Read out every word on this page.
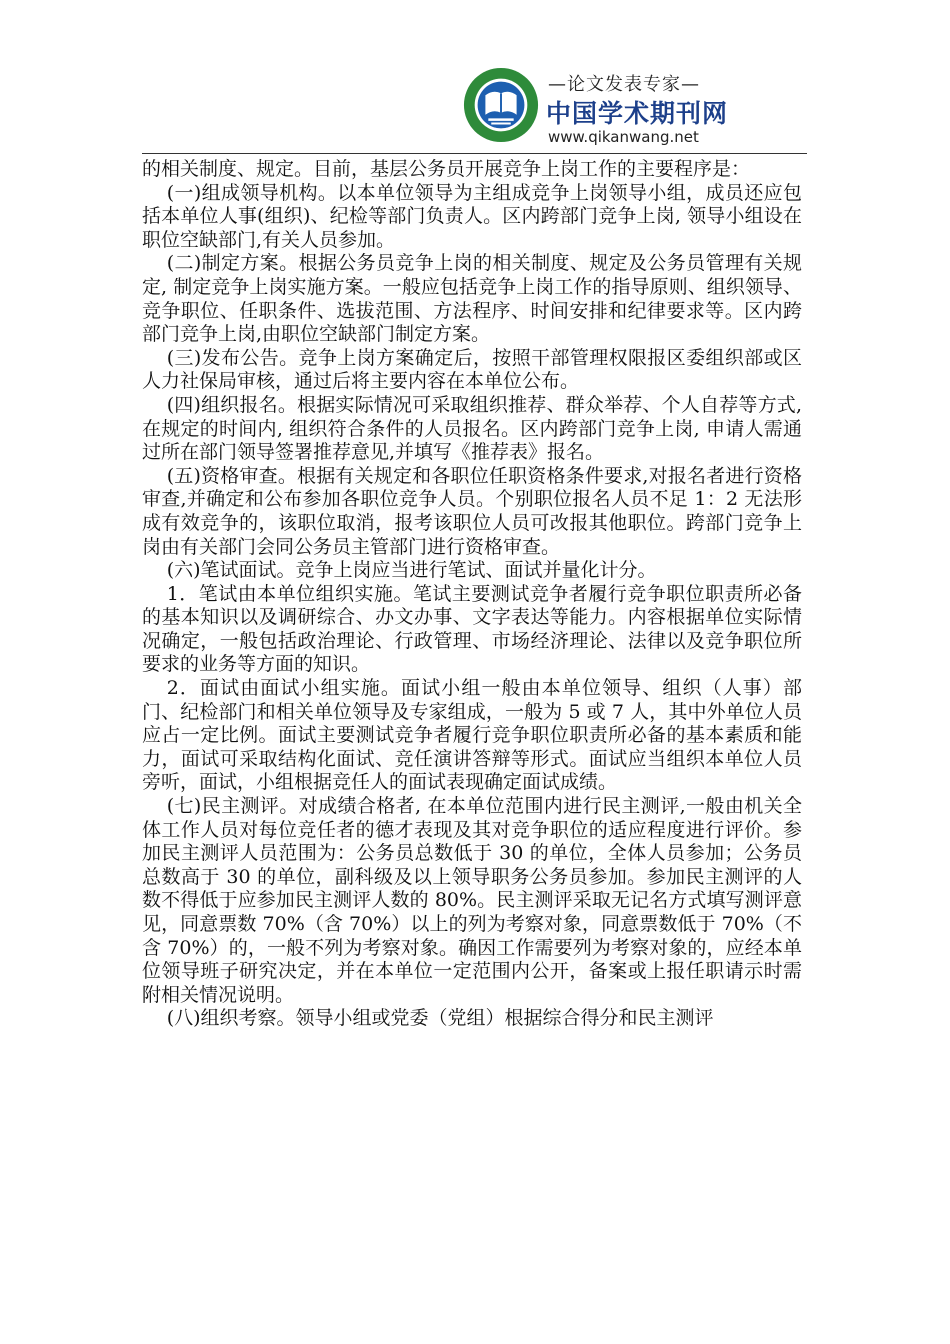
—论文发表专家—
中国学术期刊网
www.qikanwang.net

的相关制度、规定。目前，基层公务员开展竞争上岗工作的主要程序是：

(一)组成领导机构。以本单位领导为主组成竞争上岗领导小组，成员还应包括本单位人事(组织)、纪检等部门负责人。区内跨部门竞争上岗, 领导小组设在职位空缺部门,有关人员参加。

(二)制定方案。根据公务员竞争上岗的相关制度、规定及公务员管理有关规定, 制定竞争上岗实施方案。一般应包括竞争上岗工作的指导原则、组织领导、竞争职位、任职条件、选拔范围、方法程序、时间安排和纪律要求等。区内跨部门竞争上岗,由职位空缺部门制定方案。

(三)发布公告。竞争上岗方案确定后，按照干部管理权限报区委组织部或区人力社保局审核，通过后将主要内容在本单位公布。

(四)组织报名。根据实际情况可采取组织推荐、群众举荐、个人自荐等方式, 在规定的时间内, 组织符合条件的人员报名。区内跨部门竞争上岗, 申请人需通过所在部门领导签署推荐意见,并填写《推荐表》报名。

(五)资格审查。根据有关规定和各职位任职资格条件要求,对报名者进行资格审查,并确定和公布参加各职位竞争人员。个别职位报名人员不足 1：2 无法形成有效竞争的，该职位取消，报考该职位人员可改报其他职位。跨部门竞争上岗由有关部门会同公务员主管部门进行资格审查。

(六)笔试面试。竞争上岗应当进行笔试、面试并量化计分。

1．笔试由本单位组织实施。笔试主要测试竞争者履行竞争职位职责所必备的基本知识以及调研综合、办文办事、文字表达等能力。内容根据单位实际情况确定，一般包括政治理论、行政管理、市场经济理论、法律以及竞争职位所要求的业务等方面的知识。

2．面试由面试小组实施。面试小组一般由本单位领导、组织（人事）部门、纪检部门和相关单位领导及专家组成，一般为 5 或 7 人，其中外单位人员应占一定比例。面试主要测试竞争者履行竞争职位职责所必备的基本素质和能力，面试可采取结构化面试、竞任演讲答辩等形式。面试应当组织本单位人员旁听，面试，小组根据竞任人的面试表现确定面试成绩。

(七)民主测评。对成绩合格者, 在本单位范围内进行民主测评,一般由机关全体工作人员对每位竞任者的德才表现及其对竞争职位的适应程度进行评价。参加民主测评人员范围为：公务员总数低于 30 的单位，全体人员参加；公务员总数高于 30 的单位，副科级及以上领导职务公务员参加。参加民主测评的人数不得低于应参加民主测评人数的 80%。民主测评采取无记名方式填写测评意见，同意票数 70%（含 70%）以上的列为考察对象，同意票数低于 70%（不含 70%）的，一般不列为考察对象。确因工作需要列为考察对象的，应经本单位领导班子研究决定，并在本单位一定范围内公开，备案或上报任职请示时需附相关情况说明。

(八)组织考察。领导小组或党委（党组）根据综合得分和民主测评
